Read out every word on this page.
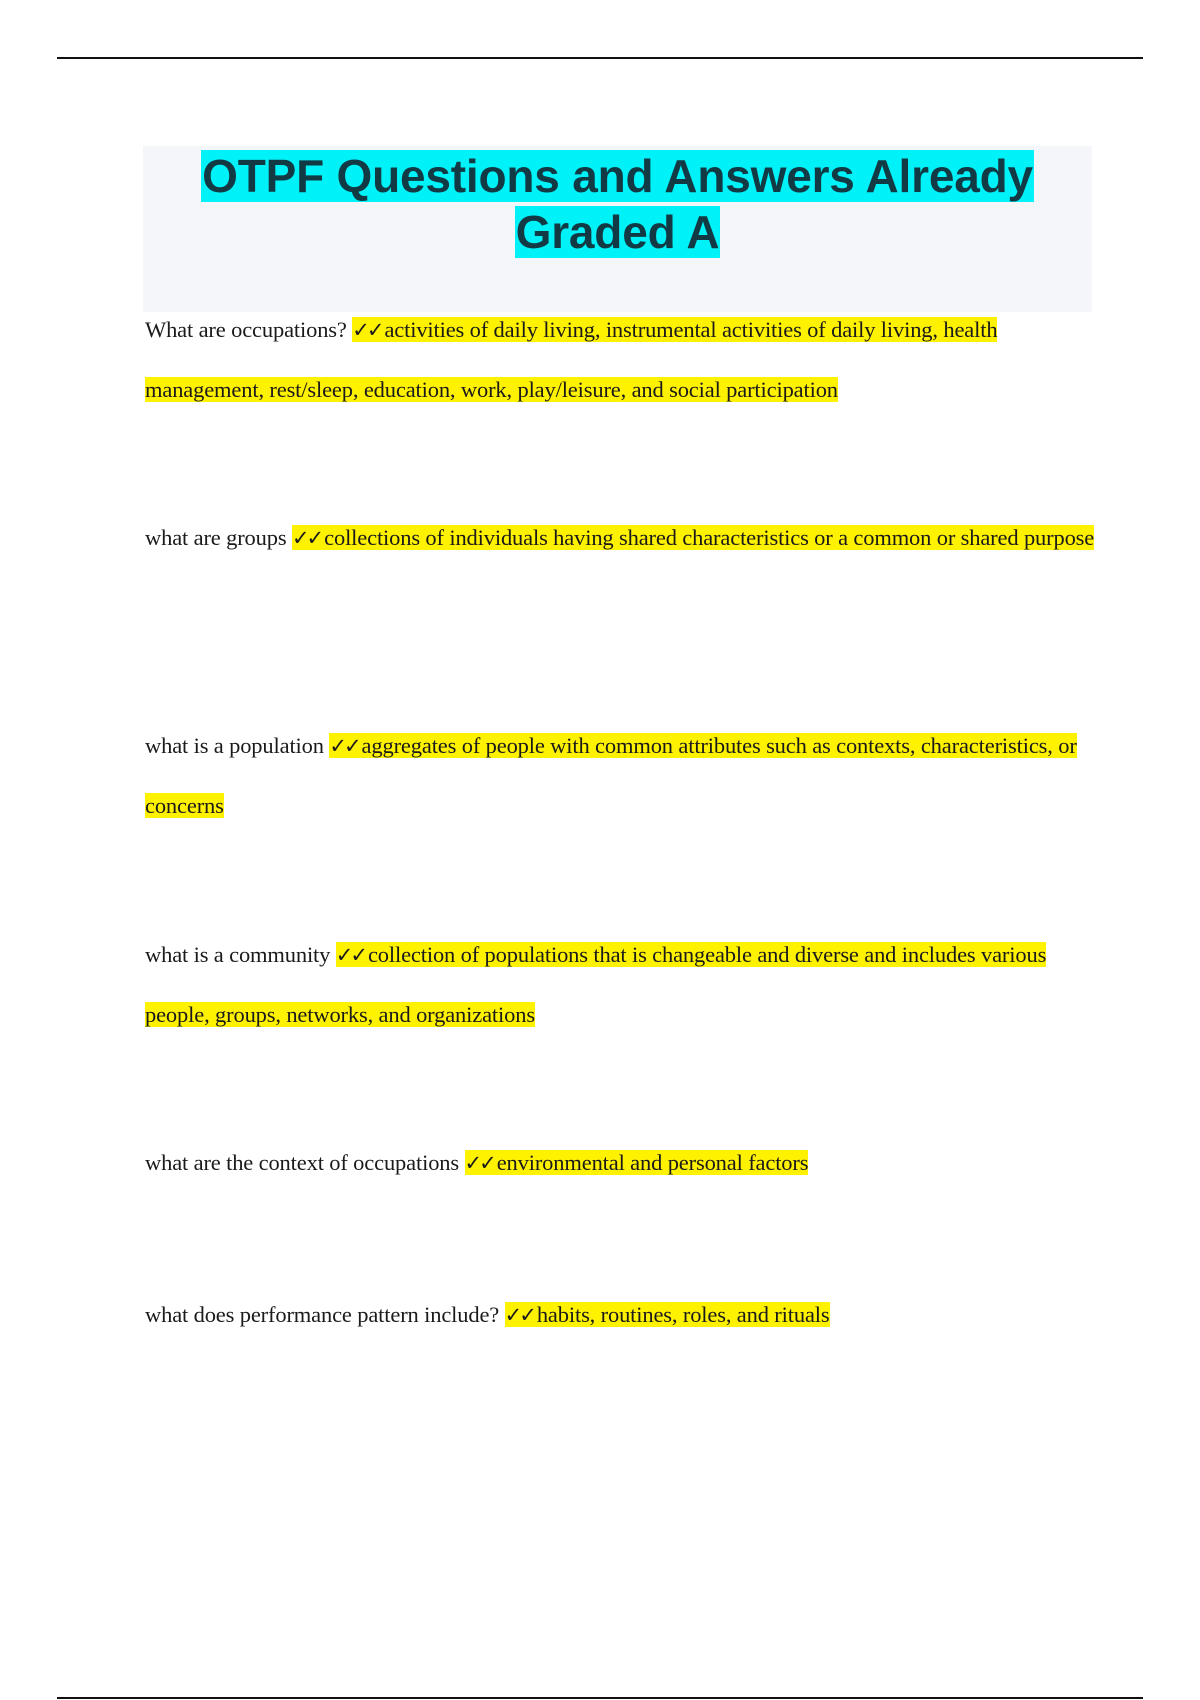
OTPF Questions and Answers Already Graded A

What are occupations? ✓✓ activities of daily living, instrumental activities of daily living, health management, rest/sleep, education, work, play/leisure, and social participation

what are groups ✓✓ collections of individuals having shared characteristics or a common or shared purpose

what is a population ✓✓ aggregates of people with common attributes such as contexts, characteristics, or concerns

what is a community ✓✓ collection of populations that is changeable and diverse and includes various people, groups, networks, and organizations

what are the context of occupations ✓✓ environmental and personal factors

what does performance pattern include? ✓✓ habits, routines, roles, and rituals
